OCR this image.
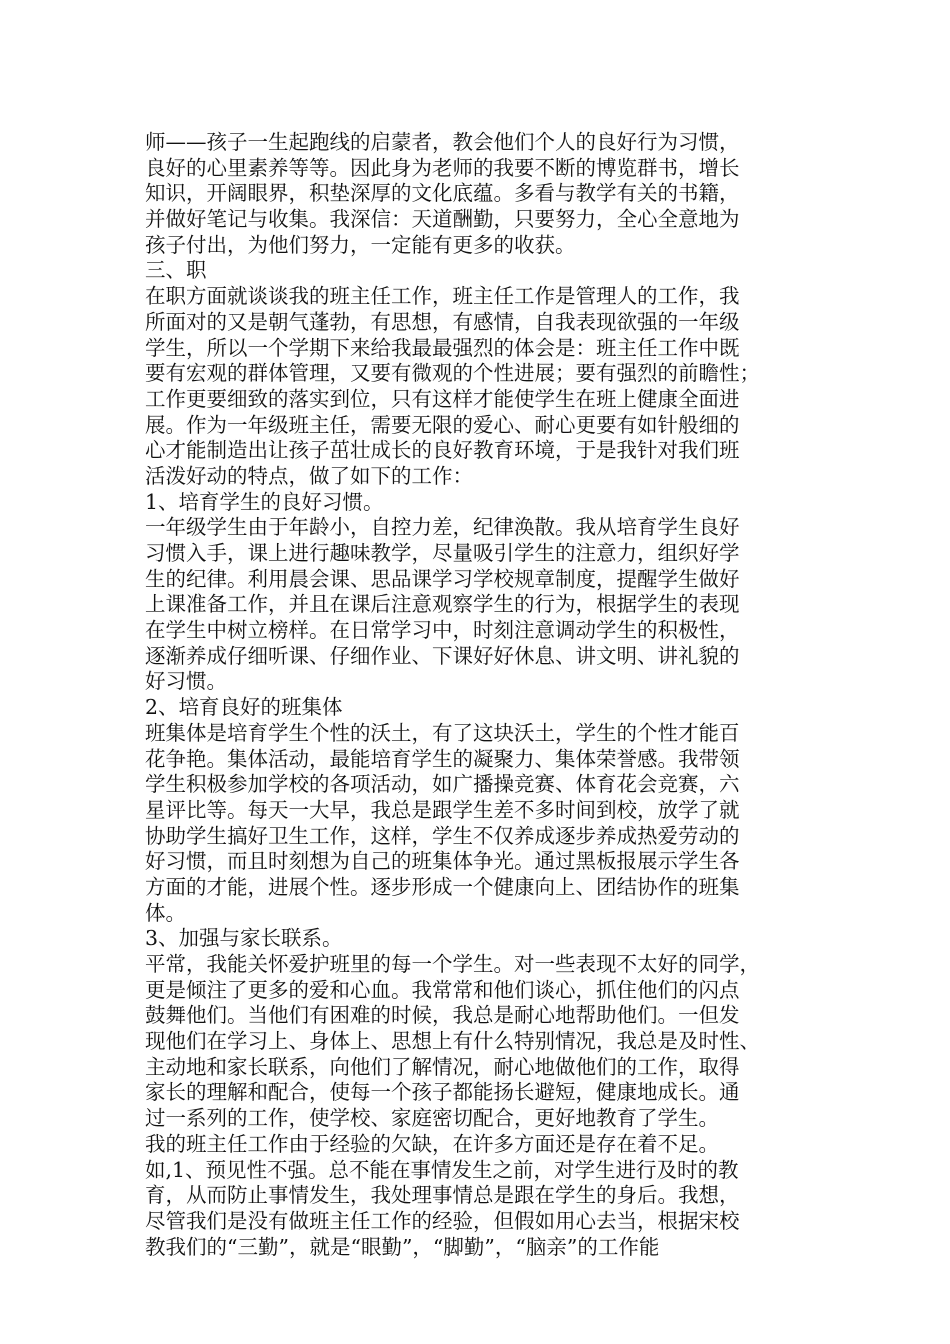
师——孩子一生起跑线的启蒙者，教会他们个人的良好行为习惯，
良好的心里素养等等。因此身为老师的我要不断的博览群书，增长
知识，开阔眼界，积垫深厚的文化底蕴。多看与教学有关的书籍，
并做好笔记与收集。我深信：天道酬勤，只要努力，全心全意地为
孩子付出，为他们努力，一定能有更多的收获。
三、职
在职方面就谈谈我的班主任工作，班主任工作是管理人的工作，我
所面对的又是朝气蓬勃，有思想，有感情，自我表现欲强的一年级
学生，所以一个学期下来给我最最强烈的体会是：班主任工作中既
要有宏观的群体管理，又要有微观的个性进展；要有强烈的前瞻性；
工作更要细致的落实到位，只有这样才能使学生在班上健康全面进
展。作为一年级班主任，需要无限的爱心、耐心更要有如针般细的
心才能制造出让孩子茁壮成长的良好教育环境，于是我针对我们班
活泼好动的特点，做了如下的工作：
1、培育学生的良好习惯。
一年级学生由于年龄小，自控力差，纪律涣散。我从培育学生良好
习惯入手，课上进行趣味教学，尽量吸引学生的注意力，组织好学
生的纪律。利用晨会课、思品课学习学校规章制度，提醒学生做好
上课准备工作，并且在课后注意观察学生的行为，根据学生的表现
在学生中树立榜样。在日常学习中，时刻注意调动学生的积极性，
逐渐养成仔细听课、仔细作业、下课好好休息、讲文明、讲礼貌的
好习惯。
2、培育良好的班集体
班集体是培育学生个性的沃土，有了这块沃土，学生的个性才能百
花争艳。集体活动，最能培育学生的凝聚力、集体荣誉感。我带领
学生积极参加学校的各项活动，如广播操竞赛、体育花会竞赛，六
星评比等。每天一大早，我总是跟学生差不多时间到校，放学了就
协助学生搞好卫生工作，这样，学生不仅养成逐步养成热爱劳动的
好习惯，而且时刻想为自己的班集体争光。通过黑板报展示学生各
方面的才能，进展个性。逐步形成一个健康向上、团结协作的班集
体。
3、加强与家长联系。
平常，我能关怀爱护班里的每一个学生。对一些表现不太好的同学，
更是倾注了更多的爱和心血。我常常和他们谈心，抓住他们的闪点
鼓舞他们。当他们有困难的时候，我总是耐心地帮助他们。一但发
现他们在学习上、身体上、思想上有什么特别情况，我总是及时性、
主动地和家长联系，向他们了解情况，耐心地做他们的工作，取得
家长的理解和配合，使每一个孩子都能扬长避短，健康地成长。通
过一系列的工作，使学校、家庭密切配合，更好地教育了学生。
我的班主任工作由于经验的欠缺，在许多方面还是存在着不足。
如,1、预见性不强。总不能在事情发生之前，对学生进行及时的教
育，从而防止事情发生，我处理事情总是跟在学生的身后。我想，
尽管我们是没有做班主任工作的经验，但假如用心去当，根据宋校
教我们的“三勤”，就是“眼勤”，“脚勤”，“脑亲”的工作能
